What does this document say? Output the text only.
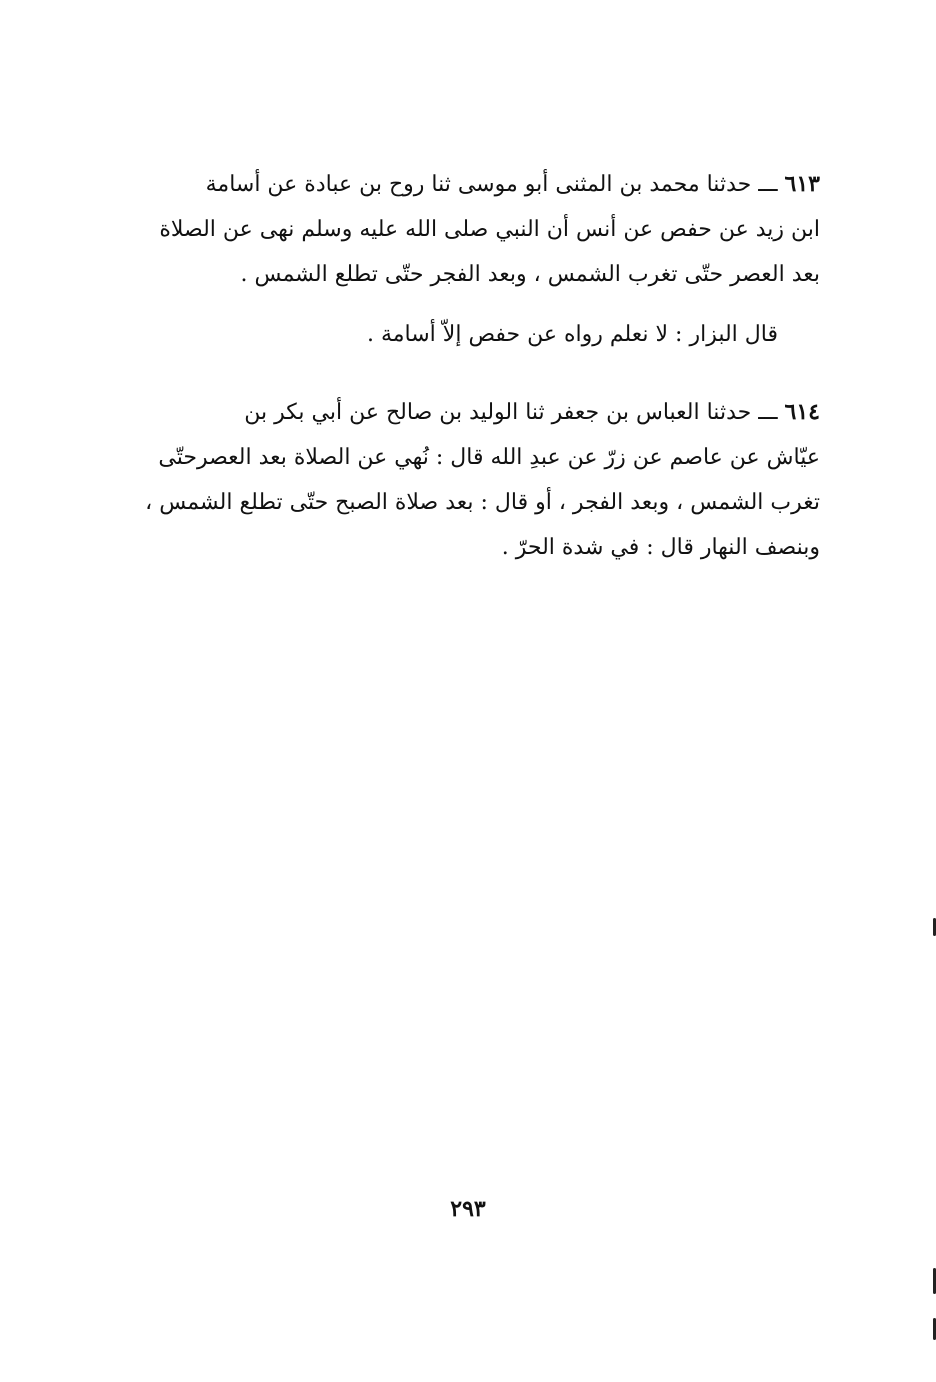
٦١٣ ـــ حدثنا محمد بن المثنى أبو موسى ثنا روح بن عبادة عن أسامة
ابن زيد عن حفص عن أنس أن النبي صلى الله عليه وسلم نهى عن الصلاة
بعد العصر حتّى تغرب الشمس ، وبعد الفجر حتّى تطلع الشمس .
قال البزار : لا نعلم رواه عن حفص إلاّ أسامة .
٦١٤ ـــ حدثنا العباس بن جعفر ثنا الوليد بن صالح عن أبي بكر بن
عيّاش عن عاصم عن زرّ عن عبدِ الله قال : نُهي عن الصلاة بعد العصرحتّى
تغرب الشمس ، وبعد الفجر ، أو قال : بعد صلاة الصبح حتّى تطلع الشمس ،
وبنصف النهار قال : في شدة الحرّ .
٢٩٣
